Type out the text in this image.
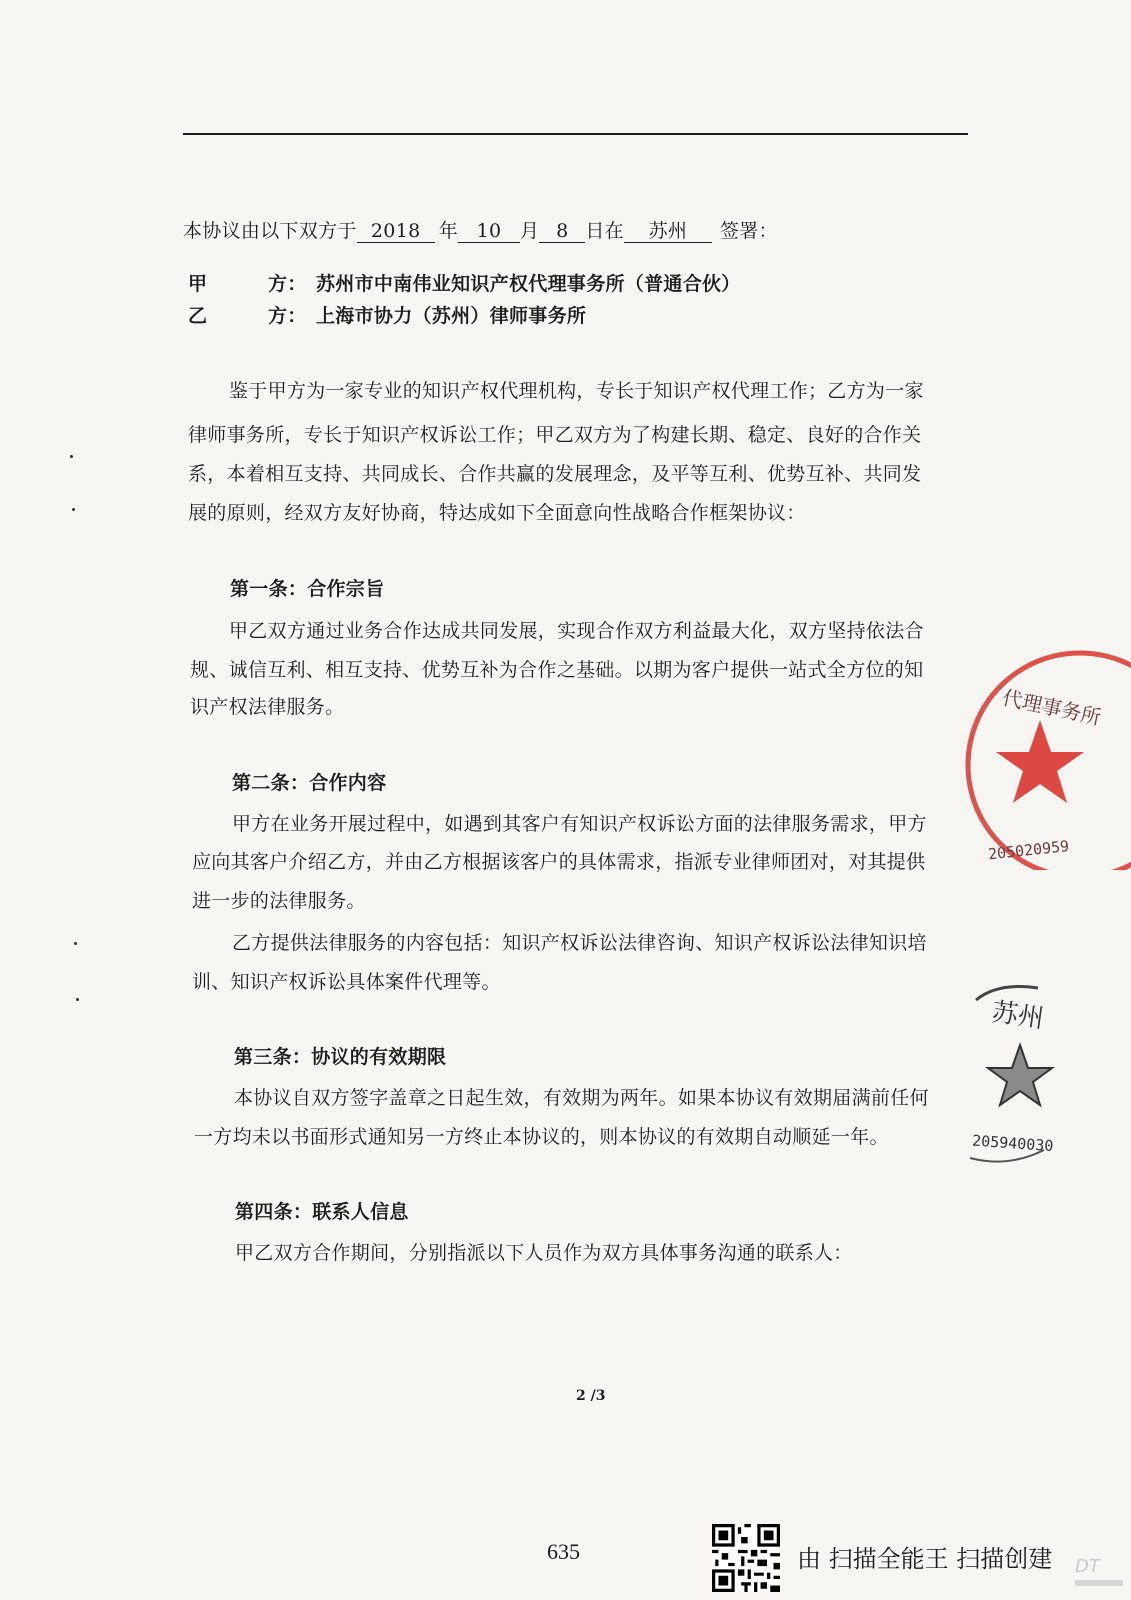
本协议由以下双方于 2018 年 10 月 8 日在 苏州 签署：
甲	方： 苏州市中南伟业知识产权代理事务所（普通合伙）
乙	方： 上海市协力（苏州）律师事务所
鉴于甲方为一家专业的知识产权代理机构，专长于知识产权代理工作；乙方为一家
律师事务所，专长于知识产权诉讼工作；甲乙双方为了构建长期、稳定、良好的合作关
系，本着相互支持、共同成长、合作共赢的发展理念，及平等互利、优势互补、共同发
展的原则，经双方友好协商，特达成如下全面意向性战略合作框架协议：
第一条：合作宗旨
甲乙双方通过业务合作达成共同发展，实现合作双方利益最大化，双方坚持依法合
规、诚信互利、相互支持、优势互补为合作之基础。以期为客户提供一站式全方位的知
识产权法律服务。
第二条：合作内容
甲方在业务开展过程中，如遇到其客户有知识产权诉讼方面的法律服务需求，甲方
应向其客户介绍乙方，并由乙方根据该客户的具体需求，指派专业律师团对，对其提供
进一步的法律服务。
乙方提供法律服务的内容包括：知识产权诉讼法律咨询、知识产权诉讼法律知识培
训、知识产权诉讼具体案件代理等。
第三条：协议的有效期限
本协议自双方签字盖章之日起生效，有效期为两年。如果本协议有效期届满前任何
一方均未以书面形式通知另一方终止本协议的，则本协议的有效期自动顺延一年。
第四条：联系人信息
甲乙双方合作期间，分别指派以下人员作为双方具体事务沟通的联系人：
2 /3
代理事务所
205020959
苏州
205940030
635	由 扫描全能王 扫描创建 DT
